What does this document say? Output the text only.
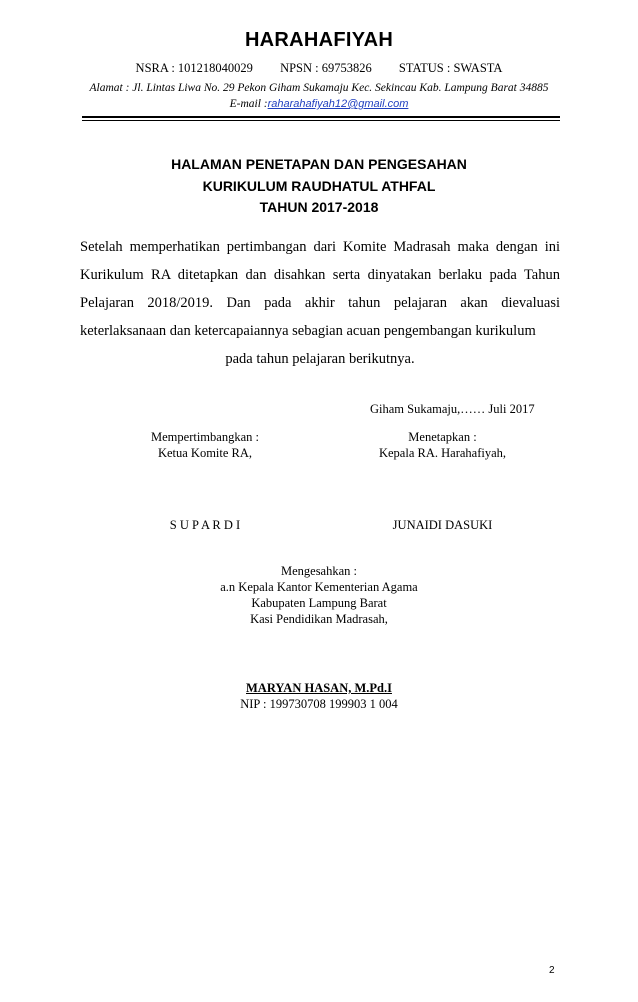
HARAHAFIYAH
NSRA : 101218040029 NPSN : 69753826 STATUS : SWASTA
Alamat : Jl. Lintas Liwa No. 29 Pekon Giham Sukamaju Kec. Sekincau Kab. Lampung Barat 34885
E-mail :raharahafiyah12@gmail.com
HALAMAN PENETAPAN DAN PENGESAHAN
KURIKULUM RAUDHATUL ATHFAL
TAHUN 2017-2018
Setelah memperhatikan pertimbangan dari Komite Madrasah maka dengan ini Kurikulum RA ditetapkan dan disahkan serta dinyatakan berlaku pada Tahun Pelajaran 2018/2019. Dan pada akhir tahun pelajaran akan dievaluasi keterlaksanaan dan ketercapaiannya sebagian acuan pengembangan kurikulum
pada tahun pelajaran berikutnya.
Giham Sukamaju,…… Juli 2017
Mempertimbangkan :
Ketua Komite RA,
Menetapkan :
Kepala RA. Harahafiyah,
S U P A R D I	JUNAIDI DASUKI
Mengesahkan :
a.n Kepala Kantor Kementerian Agama
Kabupaten Lampung Barat
Kasi Pendidikan Madrasah,
MARYAN HASAN, M.Pd.I
NIP : 199730708 199903 1 004
2
